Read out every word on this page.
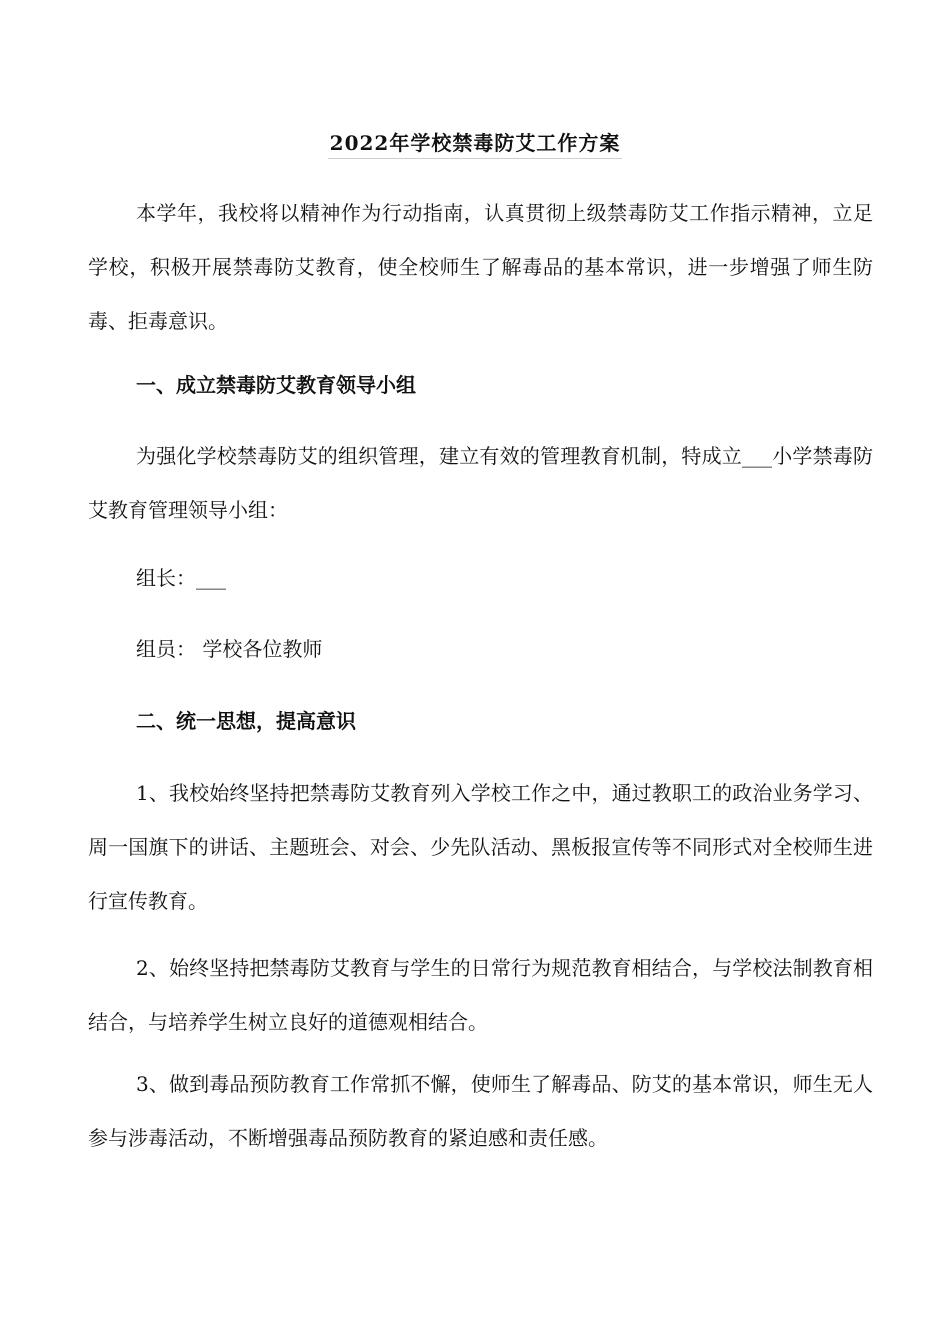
2022年学校禁毒防艾工作方案

本学年，我校将以精神作为行动指南，认真贯彻上级禁毒防艾工作指示精神，立足学校，积极开展禁毒防艾教育，使全校师生了解毒品的基本常识，进一步增强了师生防毒、拒毒意识。

一、成立禁毒防艾教育领导小组

为强化学校禁毒防艾的组织管理，建立有效的管理教育机制，特成立___小学禁毒防艾教育管理领导小组：

组长：___

组员： 学校各位教师

二、统一思想，提高意识

1、我校始终坚持把禁毒防艾教育列入学校工作之中，通过教职工的政治业务学习、周一国旗下的讲话、主题班会、对会、少先队活动、黑板报宣传等不同形式对全校师生进行宣传教育。

2、始终坚持把禁毒防艾教育与学生的日常行为规范教育相结合，与学校法制教育相结合，与培养学生树立良好的道德观相结合。

3、做到毒品预防教育工作常抓不懈，使师生了解毒品、防艾的基本常识，师生无人参与涉毒活动，不断增强毒品预防教育的紧迫感和责任感。
